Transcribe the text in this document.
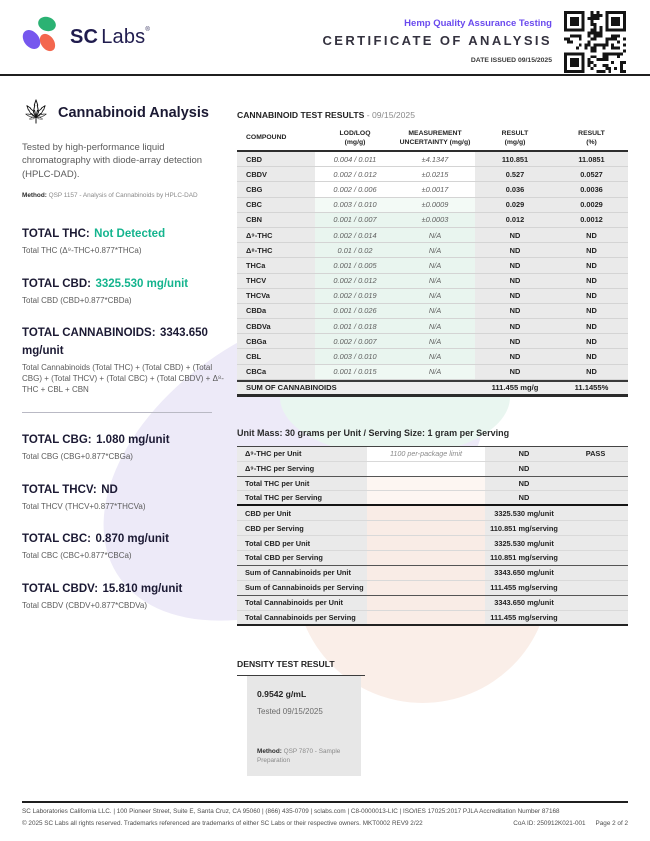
SC Labs®
Hemp Quality Assurance Testing
CERTIFICATE OF ANALYSIS
DATE ISSUED 09/15/2025
Cannabinoid Analysis
Tested by high-performance liquid chromatography with diode-array detection (HPLC-DAD).
Method: QSP 1157 - Analysis of Cannabinoids by HPLC-DAD
TOTAL THC: Not Detected
Total THC (Δ⁹-THC+0.877*THCa)
TOTAL CBD: 3325.530 mg/unit
Total CBD (CBD+0.877*CBDa)
TOTAL CANNABINOIDS: 3343.650 mg/unit
Total Cannabinoids (Total THC) + (Total CBD) + (Total CBG) + (Total THCV) + (Total CBC) + (Total CBDV) + Δ⁸-THC + CBL + CBN
TOTAL CBG: 1.080 mg/unit
Total CBG (CBG+0.877*CBGa)
TOTAL THCV: ND
Total THCV (THCV+0.877*THCVa)
TOTAL CBC: 0.870 mg/unit
Total CBC (CBC+0.877*CBCa)
TOTAL CBDV: 15.810 mg/unit
Total CBDV (CBDV+0.877*CBDVa)
CANNABINOID TEST RESULTS - 09/15/2025
COMPOUND
LOD/LOQ
(mg/g)
MEASUREMENT
UNCERTAINTY (mg/g)
RESULT
(mg/g)
RESULT
(%)
CBD	0.004 / 0.011	±4.1347	110.851	11.0851
CBDV	0.002 / 0.012	±0.0215	0.527	0.0527
CBG	0.002 / 0.006	±0.0017	0.036	0.0036
CBC	0.003 / 0.010	±0.0009	0.029	0.0029
CBN	0.001 / 0.007	±0.0003	0.012	0.0012
Δ⁹-THC	0.002 / 0.014	N/A	ND	ND
Δ⁸-THC	0.01 / 0.02	N/A	ND	ND
THCa	0.001 / 0.005	N/A	ND	ND
THCV	0.002 / 0.012	N/A	ND	ND
THCVa	0.002 / 0.019	N/A	ND	ND
CBDa	0.001 / 0.026	N/A	ND	ND
CBDVa	0.001 / 0.018	N/A	ND	ND
CBGa	0.002 / 0.007	N/A	ND	ND
CBL	0.003 / 0.010	N/A	ND	ND
CBCa	0.001 / 0.015	N/A	ND	ND
SUM OF CANNABINOIDS	111.455 mg/g	11.1455%
Unit Mass: 30 grams per Unit / Serving Size: 1 gram per Serving
Δ⁹-THC per Unit	1100 per-package limit	ND	PASS
Δ⁹-THC per Serving	ND
Total THC per Unit	ND
Total THC per Serving	ND
CBD per Unit	3325.530 mg/unit
CBD per Serving	110.851 mg/serving
Total CBD per Unit	3325.530 mg/unit
Total CBD per Serving	110.851 mg/serving
Sum of Cannabinoids per Unit	3343.650 mg/unit
Sum of Cannabinoids per Serving	111.455 mg/serving
Total Cannabinoids per Unit	3343.650 mg/unit
Total Cannabinoids per Serving	111.455 mg/serving
DENSITY TEST RESULT
0.9542 g/mL
Tested 09/15/2025
Method: QSP 7870 - Sample Preparation
SC Laboratories California LLC. | 100 Pioneer Street, Suite E, Santa Cruz, CA 95060 | (866) 435-0709 | sclabs.com | C8-0000013-LIC | ISO/IES 17025:2017 PJLA Accreditation Number 87168
© 2025 SC Labs all rights reserved. Trademarks referenced are trademarks of either SC Labs or their respective owners. MKT0002 REV9 2/22	CoA ID: 250912K021-001 Page 2 of 2
